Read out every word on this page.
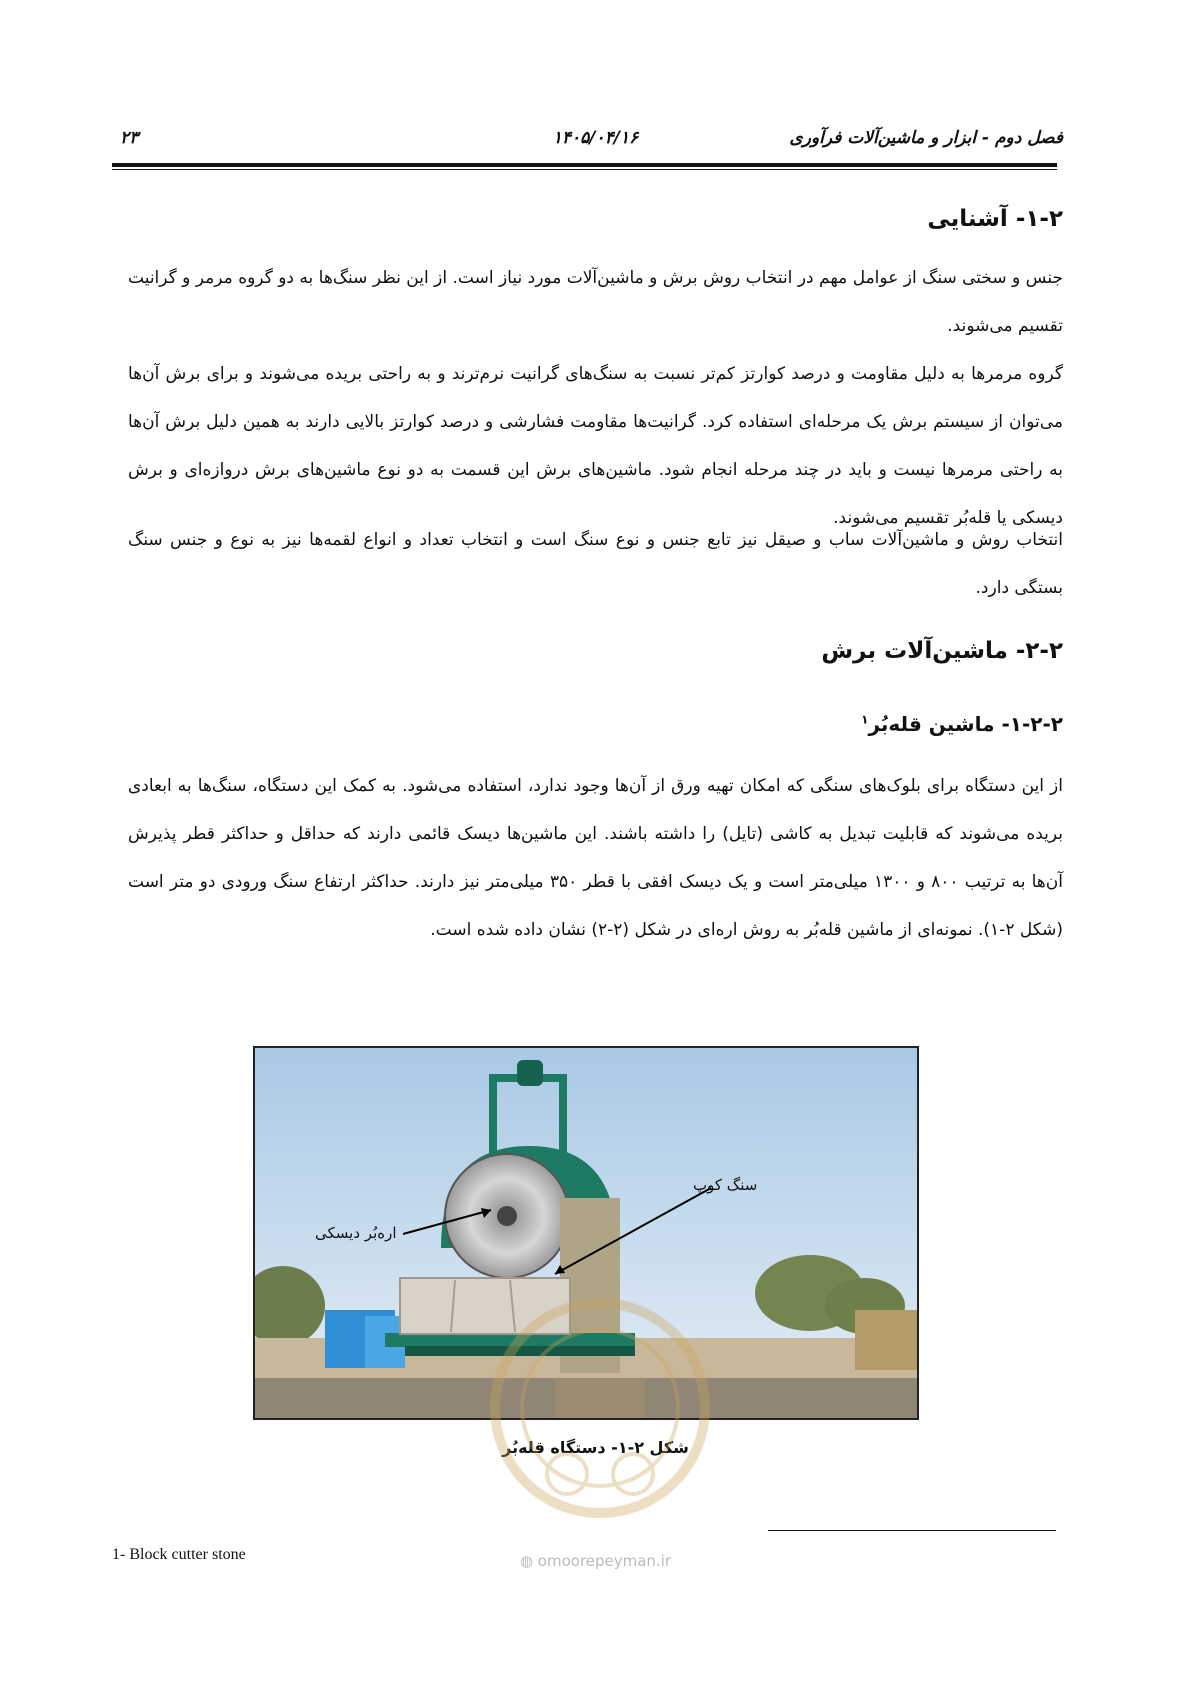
فصل دوم - ابزار و ماشین‌آلات فرآوری
۱۴۰۵/۰۴/۱۶
۲۳
۱-۲- آشنایی
جنس و سختی سنگ از عوامل مهم در انتخاب روش برش و ماشین‌آلات مورد نیاز است. از این نظر سنگ‌ها به دو گروه مرمر و گرانیت تقسیم می‌شوند.
گروه مرمرها به دلیل مقاومت و درصد کوارتز کم‌تر نسبت به سنگ‌های گرانیت نرم‌ترند و به راحتی بریده می‌شوند و برای برش آن‌ها می‌توان از سیستم برش یک مرحله‌ای استفاده کرد. گرانیت‌ها مقاومت فشارشی و درصد کوارتز بالایی دارند به همین دلیل برش آن‌ها به راحتی مرمرها نیست و باید در چند مرحله انجام شود. ماشین‌های برش این قسمت به دو نوع ماشین‌های برش دروازه‌ای و برش دیسکی یا قله‌بُر تقسیم می‌شوند.
انتخاب روش و ماشین‌آلات ساب و صیقل نیز تابع جنس و نوع سنگ است و انتخاب تعداد و انواع لقمه‌ها نیز به نوع و جنس سنگ بستگی دارد.
۲-۲- ماشین‌آلات برش
۱-۲-۲- ماشین قله‌بُر$^۱$
از این دستگاه برای بلوک‌های سنگی که امکان تهیه ورق از آن‌ها وجود ندارد، استفاده می‌شود. به کمک این دستگاه، سنگ‌ها به ابعادی بریده می‌شوند که قابلیت تبدیل به کاشی (تایل) را داشته باشند. این ماشین‌ها دیسک قائمی دارند که حداقل و حداکثر قطر پذیرش آن‌ها به ترتیب ۸۰۰ و ۱۳۰۰ میلی‌متر است و یک دیسک افقی با قطر ۳۵۰ میلی‌متر نیز دارند. حداکثر ارتفاع سنگ ورودی دو متر است (شکل ۲-۱). نمونه‌ای از ماشین قله‌بُر به روش اره‌ای در شکل (۲-۲) نشان داده شده است.
اره‌بُر دیسکی
سنگ کوپ
شکل ۲-۱- دستگاه قله‌بُر
◍ omoorepeyman.ir
1- Block cutter stone
